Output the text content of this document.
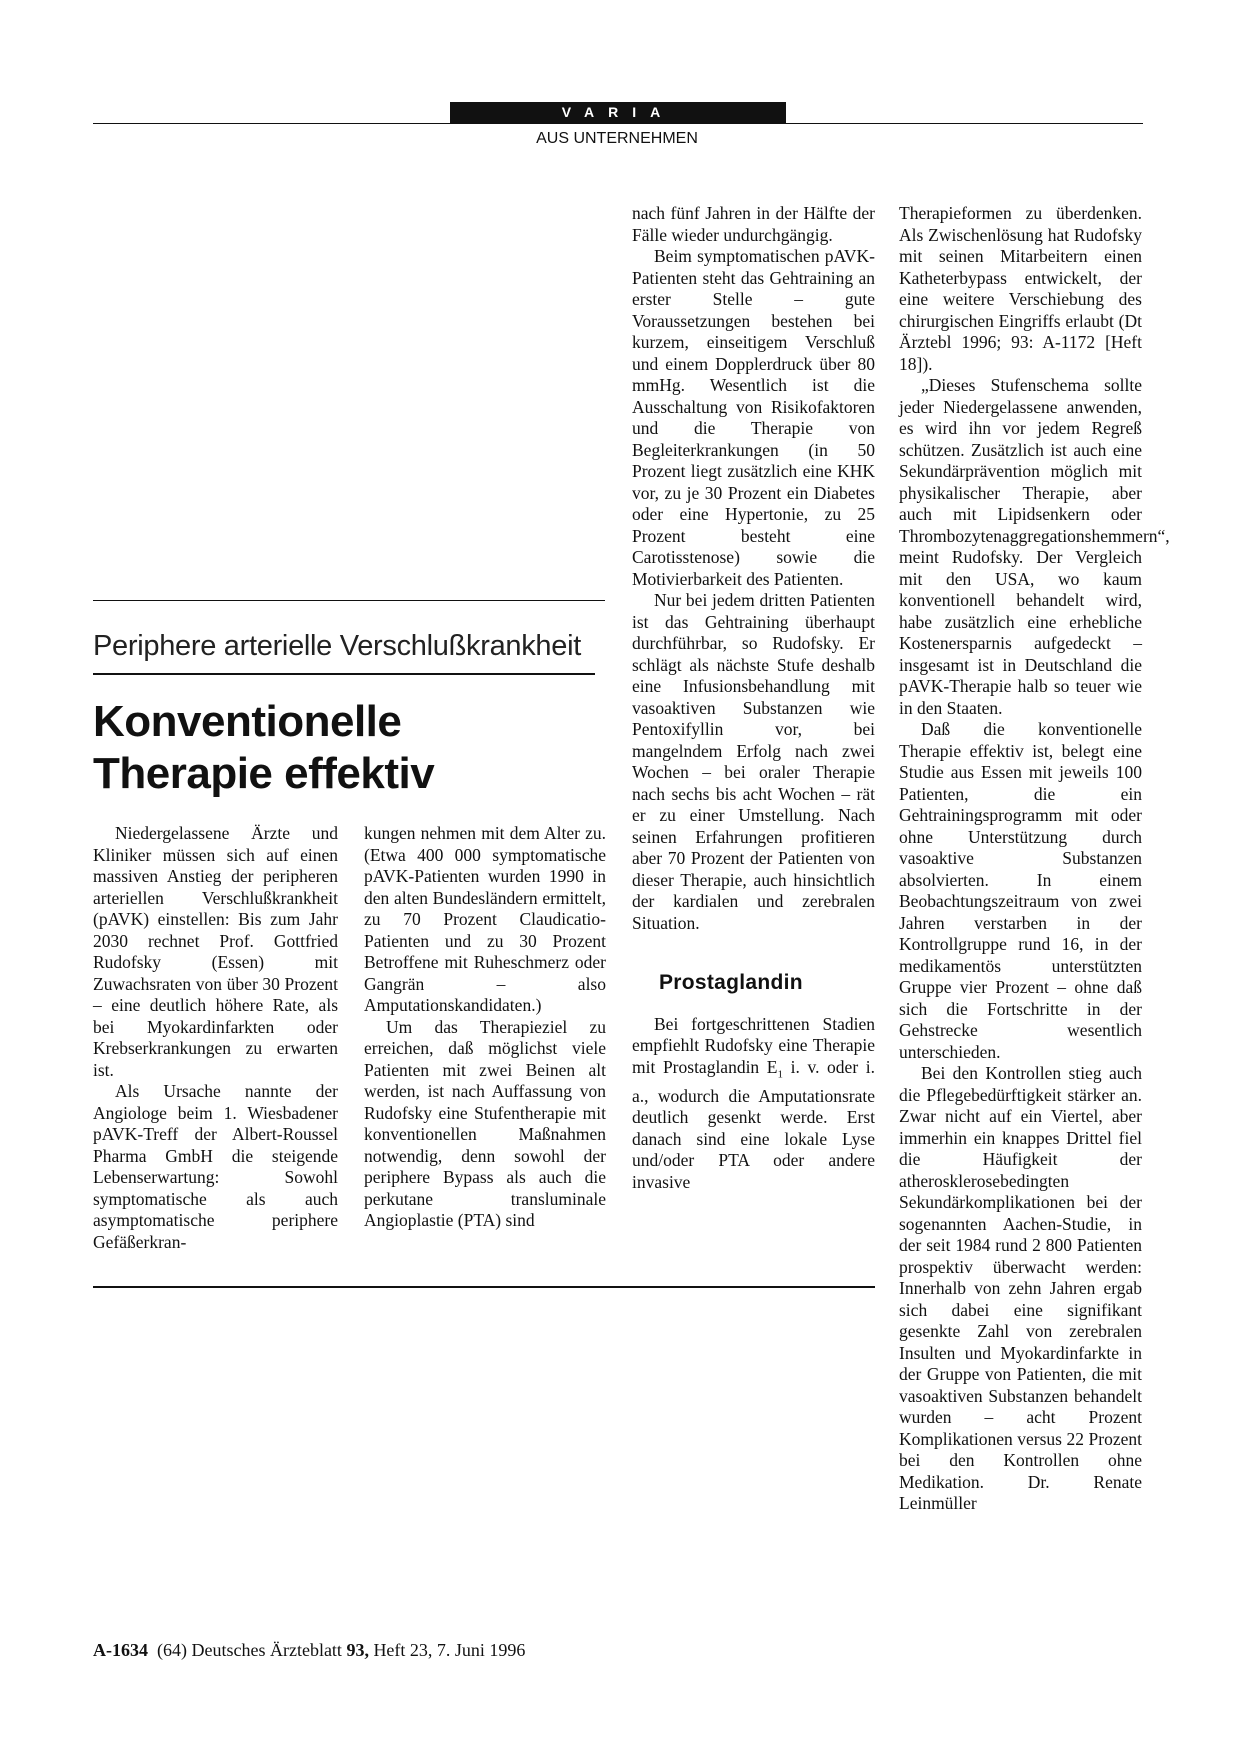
VARIA
AUS UNTERNEHMEN
Periphere arterielle Verschlußkrankheit
Konventionelle
Therapie effektiv

Niedergelassene Ärzte und Kliniker müssen sich auf einen massiven Anstieg der peripheren arteriellen Verschlußkrankheit (pAVK) einstellen: Bis zum Jahr 2030 rechnet Prof. Gottfried Rudofsky (Essen) mit Zuwachsraten von über 30 Prozent – eine deutlich höhere Rate, als bei Myokardinfarkten oder Krebserkrankungen zu erwarten ist.

Als Ursache nannte der Angiologe beim 1. Wiesbadener pAVK-Treff der Albert-Roussel Pharma GmbH die steigende Lebenserwartung: Sowohl symptomatische als auch asymptomatische periphere Gefäßerkran-

kungen nehmen mit dem Alter zu. (Etwa 400 000 symptomatische pAVK-Patienten wurden 1990 in den alten Bundesländern ermittelt, zu 70 Prozent Claudicatio-Patienten und zu 30 Prozent Betroffene mit Ruheschmerz oder Gangrän – also Amputationskandidaten.)

Um das Therapieziel zu erreichen, daß möglichst viele Patienten mit zwei Beinen alt werden, ist nach Auffassung von Rudofsky eine Stufentherapie mit konventionellen Maßnahmen notwendig, denn sowohl der periphere Bypass als auch die perkutane transluminale Angioplastie (PTA) sind

nach fünf Jahren in der Hälfte der Fälle wieder undurchgängig.

Beim symptomatischen pAVK-Patienten steht das Gehtraining an erster Stelle – gute Voraussetzungen bestehen bei kurzem, einseitigem Verschluß und einem Dopplerdruck über 80 mmHg. Wesentlich ist die Ausschaltung von Risikofaktoren und die Therapie von Begleiterkrankungen (in 50 Prozent liegt zusätzlich eine KHK vor, zu je 30 Prozent ein Diabetes oder eine Hypertonie, zu 25 Prozent besteht eine Carotisstenose) sowie die Motivierbarkeit des Patienten.

Nur bei jedem dritten Patienten ist das Gehtraining überhaupt durchführbar, so Rudofsky. Er schlägt als nächste Stufe deshalb eine Infusionsbehandlung mit vasoaktiven Substanzen wie Pentoxifyllin vor, bei mangelndem Erfolg nach zwei Wochen – bei oraler Therapie nach sechs bis acht Wochen – rät er zu einer Umstellung. Nach seinen Erfahrungen profitieren aber 70 Prozent der Patienten von dieser Therapie, auch hinsichtlich der kardialen und zerebralen Situation.

Prostaglandin

Bei fortgeschrittenen Stadien empfiehlt Rudofsky eine Therapie mit Prostaglandin $E_1$ i. v. oder i. a., wodurch die Amputationsrate deutlich gesenkt werde. Erst danach sind eine lokale Lyse und/oder PTA oder andere invasive

Therapieformen zu überdenken. Als Zwischenlösung hat Rudofsky mit seinen Mitarbeitern einen Katheterbypass entwickelt, der eine weitere Verschiebung des chirurgischen Eingriffs erlaubt (Dt Ärztebl 1996; 93: A-1172 [Heft 18]).

„Dieses Stufenschema sollte jeder Niedergelassene anwenden, es wird ihn vor jedem Regreß schützen. Zusätzlich ist auch eine Sekundärprävention möglich mit physikalischer Therapie, aber auch mit Lipidsenkern oder Thrombozytenaggregationshemmern“, meint Rudofsky. Der Vergleich mit den USA, wo kaum konventionell behandelt wird, habe zusätzlich eine erhebliche Kostenersparnis aufgedeckt – insgesamt ist in Deutschland die pAVK-Therapie halb so teuer wie in den Staaten.

Daß die konventionelle Therapie effektiv ist, belegt eine Studie aus Essen mit jeweils 100 Patienten, die ein Gehtrainingsprogramm mit oder ohne Unterstützung durch vasoaktive Substanzen absolvierten. In einem Beobachtungszeitraum von zwei Jahren verstarben in der Kontrollgruppe rund 16, in der medikamentös unterstützten Gruppe vier Prozent – ohne daß sich die Fortschritte in der Gehstrecke wesentlich unterschieden.

Bei den Kontrollen stieg auch die Pflegebedürftigkeit stärker an. Zwar nicht auf ein Viertel, aber immerhin ein knappes Drittel fiel die Häufigkeit der atherosklerosebedingten Sekundärkomplikationen bei der sogenannten Aachen-Studie, in der seit 1984 rund 2 800 Patienten prospektiv überwacht werden: Innerhalb von zehn Jahren ergab sich dabei eine signifikant gesenkte Zahl von zerebralen Insulten und Myokardinfarkte in der Gruppe von Patienten, die mit vasoaktiven Substanzen behandelt wurden – acht Prozent Komplikationen versus 22 Prozent bei den Kontrollen ohne Medikation. Dr. Renate Leinmüller

A-1634 (64) Deutsches Ärzteblatt 93, Heft 23, 7. Juni 1996
